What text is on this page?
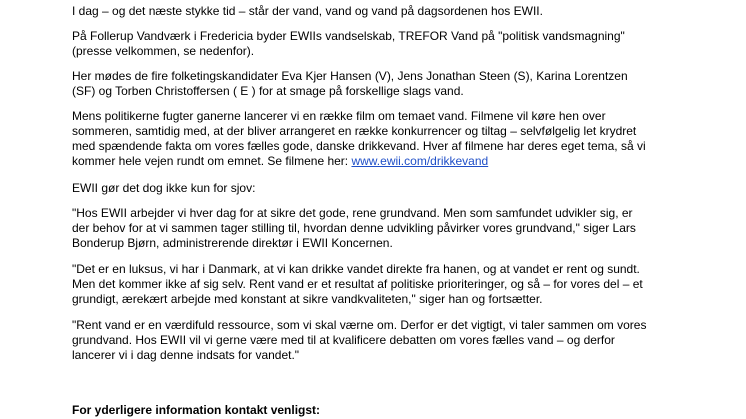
I dag – og det næste stykke tid – står der vand, vand og vand på dagsordenen hos EWII.

På Follerup Vandværk i Fredericia byder EWIIs vandselskab, TREFOR Vand på "politisk vandsmagning"
(presse velkommen, se nedenfor).

Her mødes de fire folketingskandidater Eva Kjer Hansen (V), Jens Jonathan Steen (S), Karina Lorentzen
(SF) og Torben Christoffersen ( E ) for at smage på forskellige slags vand.

Mens politikerne fugter ganerne lancerer vi en række film om temaet vand. Filmene vil køre hen over
sommeren, samtidig med, at der bliver arrangeret en række konkurrencer og tiltag – selvfølgelig let krydret
med spændende fakta om vores fælles gode, danske drikkevand. Hver af filmene har deres eget tema, så vi
kommer hele vejen rundt om emnet. Se filmene her: www.ewii.com/drikkevand

EWII gør det dog ikke kun for sjov:

"Hos EWII arbejder vi hver dag for at sikre det gode, rene grundvand. Men som samfundet udvikler sig, er
der behov for at vi sammen tager stilling til, hvordan denne udvikling påvirker vores grundvand," siger Lars
Bonderup Bjørn, administrerende direktør i EWII Koncernen.

"Det er en luksus, vi har i Danmark, at vi kan drikke vandet direkte fra hanen, og at vandet er rent og sundt.
Men det kommer ikke af sig selv. Rent vand er et resultat af politiske prioriteringer, og så – for vores del – et
grundigt, ærekært arbejde med konstant at sikre vandkvaliteten," siger han og fortsætter.

"Rent vand er en værdifuld ressource, som vi skal værne om. Derfor er det vigtigt, vi taler sammen om vores
grundvand. Hos EWII vil vi gerne være med til at kvalificere debatten om vores fælles vand – og derfor
lancerer vi i dag denne indsats for vandet."

For yderligere information kontakt venligst:
